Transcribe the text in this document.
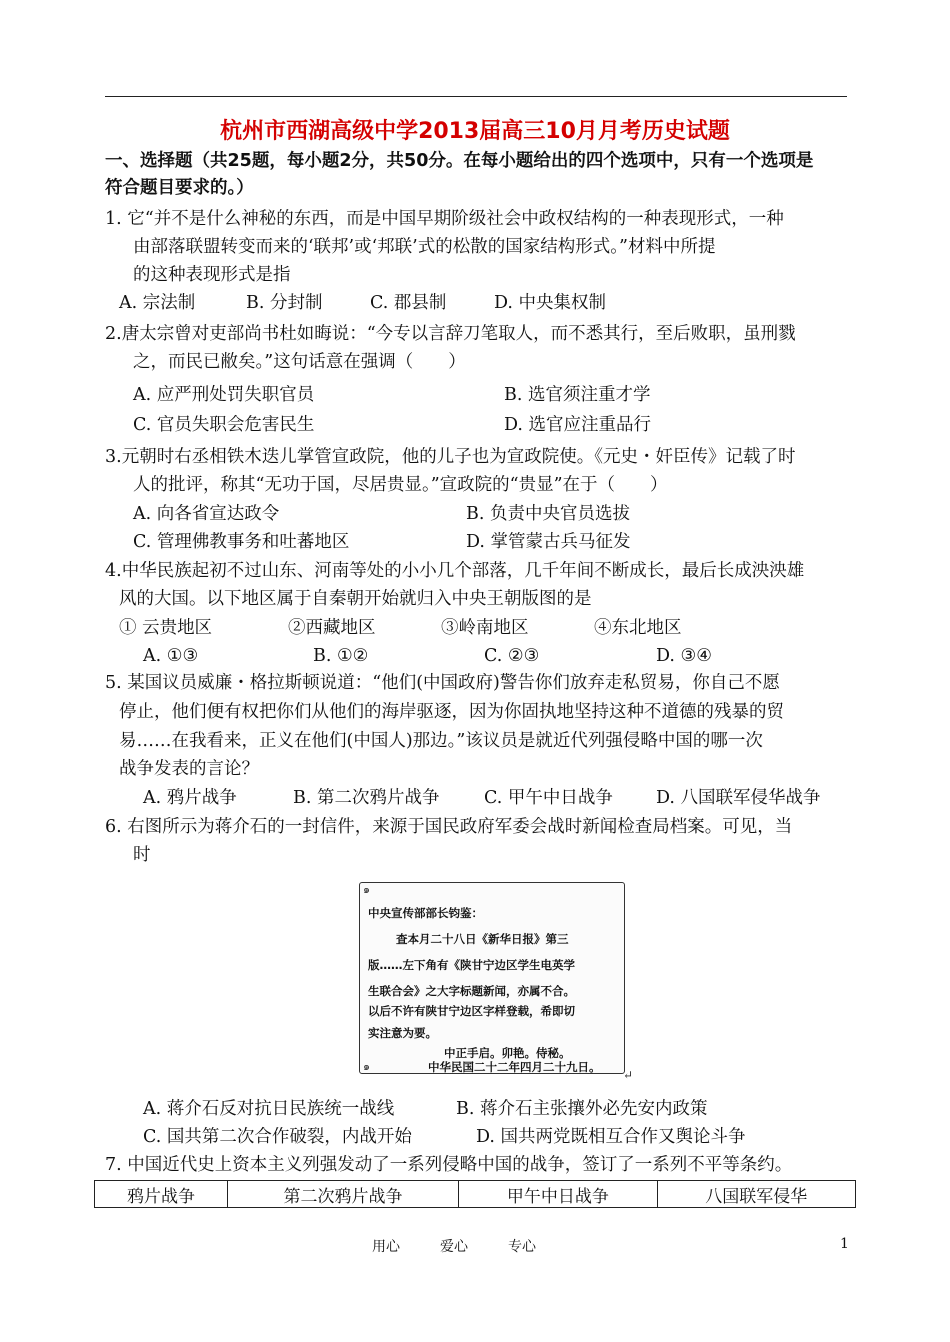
杭州市西湖高级中学2013届高三10月月考历史试题
一、选择题（共25题，每小题2分，共50分。在每小题给出的四个选项中，只有一个选项是
符合题目要求的。）
1. 它“并不是什么神秘的东西，而是中国早期阶级社会中政权结构的一种表现形式，一种
由部落联盟转变而来的‘联邦’或‘邦联’式的松散的国家结构形式。”材料中所提
的这种表现形式是指
A. 宗法制	B. 分封制	C. 郡县制	D. 中央集权制
2.唐太宗曾对吏部尚书杜如晦说：“今专以言辞刀笔取人，而不悉其行，至后败职，虽刑戮
之，而民已敝矣。”这句话意在强调（　　）
A. 应严刑处罚失职官员	B. 选官须注重才学
C. 官员失职会危害民生	D. 选官应注重品行
3.元朝时右丞相铁木迭儿掌管宣政院，他的儿子也为宣政院使。《元史・奸臣传》记载了时
人的批评，称其“无功于国，尽居贵显。”宣政院的“贵显”在于（　　）
A. 向各省宣达政令	B. 负责中央官员选拔
C. 管理佛教事务和吐蕃地区	D. 掌管蒙古兵马征发
4.中华民族起初不过山东、河南等处的小小几个部落，几千年间不断成长，最后长成泱泱雄
风的大国。以下地区属于自秦朝开始就归入中央王朝版图的是
① 云贵地区	②西藏地区	③岭南地区	④东北地区
A. ①③	B. ①②	C. ②③	D. ③④
5. 某国议员威廉・格拉斯顿说道：“他们(中国政府)警告你们放弃走私贸易，你自己不愿
停止，他们便有权把你们从他们的海岸驱逐，因为你固执地坚持这种不道德的残暴的贸
易……在我看来，正义在他们(中国人)那边。”该议员是就近代列强侵略中国的哪一次
战争发表的言论？
A. 鸦片战争	B. 第二次鸦片战争	C. 甲午中日战争 D. 八国联军侵华战争
6. 右图所示为蒋介石的一封信件，来源于国民政府军委会战时新闻检查局档案。可见，当
时
๑
๑
中央宣传部部长钧鉴：
查本月二十八日《新华日报》第三
版……左下角有《陕甘宁边区学生电英学
生联合会》之大字标题新闻，亦属不合。
以后不许有陕甘宁边区字样登载，希即切
实注意为要。
中正手启。卯艳。侍秘。
中华民国二十二年四月二十九日。
↵
A. 蒋介石反对抗日民族统一战线	B. 蒋介石主张攘外必先安内政策
C. 国共第二次合作破裂，内战开始	D. 国共两党既相互合作又舆论斗争
7. 中国近代史上资本主义列强发动了一系列侵略中国的战争，签订了一系列不平等条约。
鸦片战争	第二次鸦片战争	甲午中日战争	八国联军侵华
用心	爱心	专心	1
